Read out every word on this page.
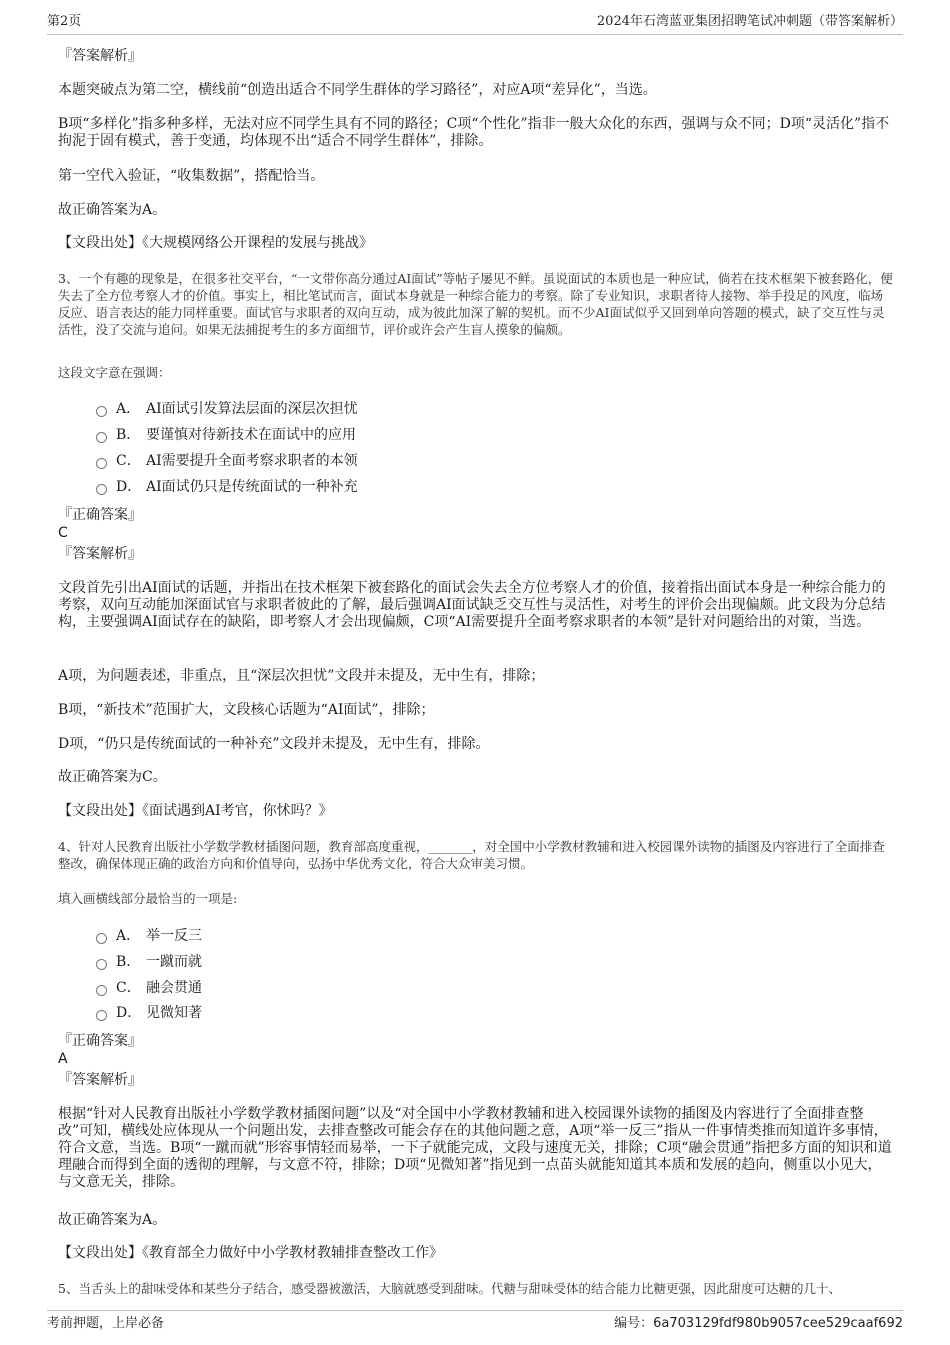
第2页	2024年石湾蓝亚集团招聘笔试冲刺题（带答案解析）

『答案解析』

本题突破点为第二空，横线前“创造出适合不同学生群体的学习路径”，对应A项“差异化”，当选。

B项“多样化”指多种多样，无法对应不同学生具有不同的路径；C项“个性化”指非一般大众化的东西，强调与众不同；D项“灵活化”指不拘泥于固有模式，善于变通，均体现不出“适合不同学生群体”，排除。

第一空代入验证，“收集数据”，搭配恰当。

故正确答案为A。

【文段出处】《大规模网络公开课程的发展与挑战》

3、一个有趣的现象是，在很多社交平台，“一文带你高分通过AI面试”等帖子屡见不鲜。虽说面试的本质也是一种应试，倘若在技术框架下被套路化，便失去了全方位考察人才的价值。事实上，相比笔试而言，面试本身就是一种综合能力的考察。除了专业知识，求职者待人接物、举手投足的风度，临场反应、语言表达的能力同样重要。面试官与求职者的双向互动，成为彼此加深了解的契机。而不少AI面试似乎又回到单向答题的模式，缺了交互性与灵活性，没了交流与追问。如果无法捕捉考生的多方面细节，评价或许会产生盲人摸象的偏颇。

这段文字意在强调：

A． AI面试引发算法层面的深层次担忧
B． 要谨慎对待新技术在面试中的应用
C． AI需要提升全面考察求职者的本领
D． AI面试仍只是传统面试的一种补充

『正确答案』

C

『答案解析』

文段首先引出AI面试的话题，并指出在技术框架下被套路化的面试会失去全方位考察人才的价值，接着指出面试本身是一种综合能力的考察，双向互动能加深面试官与求职者彼此的了解，最后强调AI面试缺乏交互性与灵活性，对考生的评价会出现偏颇。此文段为分总结构，主要强调AI面试存在的缺陷，即考察人才会出现偏颇，C项“AI需要提升全面考察求职者的本领”是针对问题给出的对策，当选。

A项，为问题表述，非重点，且“深层次担忧”文段并未提及，无中生有，排除；

B项，“新技术”范围扩大，文段核心话题为“AI面试”，排除；

D项，“仍只是传统面试的一种补充”文段并未提及，无中生有，排除。

故正确答案为C。

【文段出处】《面试遇到AI考官，你怵吗？》

4、针对人民教育出版社小学数学教材插图问题，教育部高度重视，_______，对全国中小学教材教辅和进入校园课外读物的插图及内容进行了全面排查整改，确保体现正确的政治方向和价值导向，弘扬中华优秀文化，符合大众审美习惯。

填入画横线部分最恰当的一项是:

A． 举一反三
B． 一蹴而就
C． 融会贯通
D． 见微知著

『正确答案』

A

『答案解析』

根据“针对人民教育出版社小学数学教材插图问题”以及“对全国中小学教材教辅和进入校园课外读物的插图及内容进行了全面排查整改”可知，横线处应体现从一个问题出发，去排查整改可能会存在的其他问题之意，A项“举一反三”指从一件事情类推而知道许多事情，符合文意，当选。B项“一蹴而就”形容事情轻而易举，一下子就能完成，文段与速度无关，排除；C项“融会贯通”指把多方面的知识和道理融合而得到全面的透彻的理解，与文意不符，排除；D项“见微知著”指见到一点苗头就能知道其本质和发展的趋向，侧重以小见大，与文意无关，排除。

故正确答案为A。

【文段出处】《教育部全力做好中小学教材教辅排查整改工作》

5、当舌头上的甜味受体和某些分子结合，感受器被激活，大脑就感受到甜味。代糖与甜味受体的结合能力比糖更强，因此甜度可达糖的几十、

考前押题，上岸必备	编号：6a703129fdf980b9057cee529caaf692
